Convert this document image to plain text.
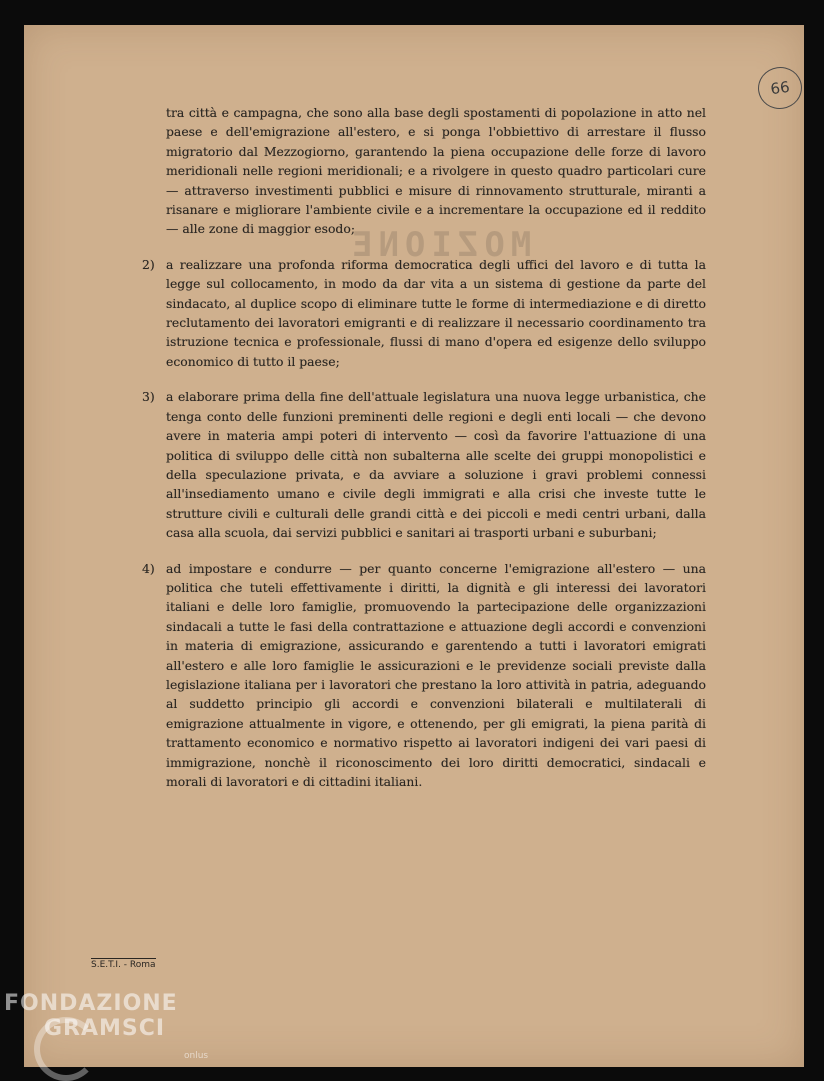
66
MOZIONE

tra città e campagna, che sono alla base degli spostamenti di popolazione in atto nel paese e dell'emigrazione all'estero, e si ponga l'obbiettivo di arrestare il flusso migratorio dal Mezzogiorno, garantendo la piena occupazione delle forze di lavoro meridionali nelle regioni meridionali; e a rivolgere in questo quadro particolari cure — attraverso investimenti pubblici e misure di rinnovamento strutturale, miranti a risanare e migliorare l'ambiente civile e a incrementare la occupazione ed il reddito — alle zone di maggior esodo;

2) a realizzare una profonda riforma democratica degli uffici del lavoro e di tutta la legge sul collocamento, in modo da dar vita a un sistema di gestione da parte del sindacato, al duplice scopo di eliminare tutte le forme di intermediazione e di diretto reclutamento dei lavoratori emigranti e di realizzare il necessario coordinamento tra istruzione tecnica e professionale, flussi di mano d'opera ed esigenze dello sviluppo economico di tutto il paese;

3) a elaborare prima della fine dell'attuale legislatura una nuova legge urbanistica, che tenga conto delle funzioni preminenti delle regioni e degli enti locali — che devono avere in materia ampi poteri di intervento — così da favorire l'attuazione di una politica di sviluppo delle città non subalterna alle scelte dei gruppi monopolistici e della speculazione privata, e da avviare a soluzione i gravi problemi connessi all'insediamento umano e civile degli immigrati e alla crisi che investe tutte le strutture civili e culturali delle grandi città e dei piccoli e medi centri urbani, dalla casa alla scuola, dai servizi pubblici e sanitari ai trasporti urbani e suburbani;

4) ad impostare e condurre — per quanto concerne l'emigrazione all'estero — una politica che tuteli effettivamente i diritti, la dignità e gli interessi dei lavoratori italiani e delle loro famiglie, promuovendo la partecipazione delle organizzazioni sindacali a tutte le fasi della contrattazione e attuazione degli accordi e convenzioni in materia di emigrazione, assicurando e garentendo a tutti i lavoratori emigrati all'estero e alle loro famiglie le assicurazioni e le previdenze sociali previste dalla legislazione italiana per i lavoratori che prestano la loro attività in patria, adeguando al suddetto principio gli accordi e convenzioni bilaterali e multilaterali di emigrazione attualmente in vigore, e ottenendo, per gli emigrati, la piena parità di trattamento economico e normativo rispetto ai lavoratori indigeni dei vari paesi di immigrazione, nonchè il riconoscimento dei loro diritti democratici, sindacali e morali di lavoratori e di cittadini italiani.

S.E.T.I. - Roma
FONDAZIONE
GRAMSCI
onlus
